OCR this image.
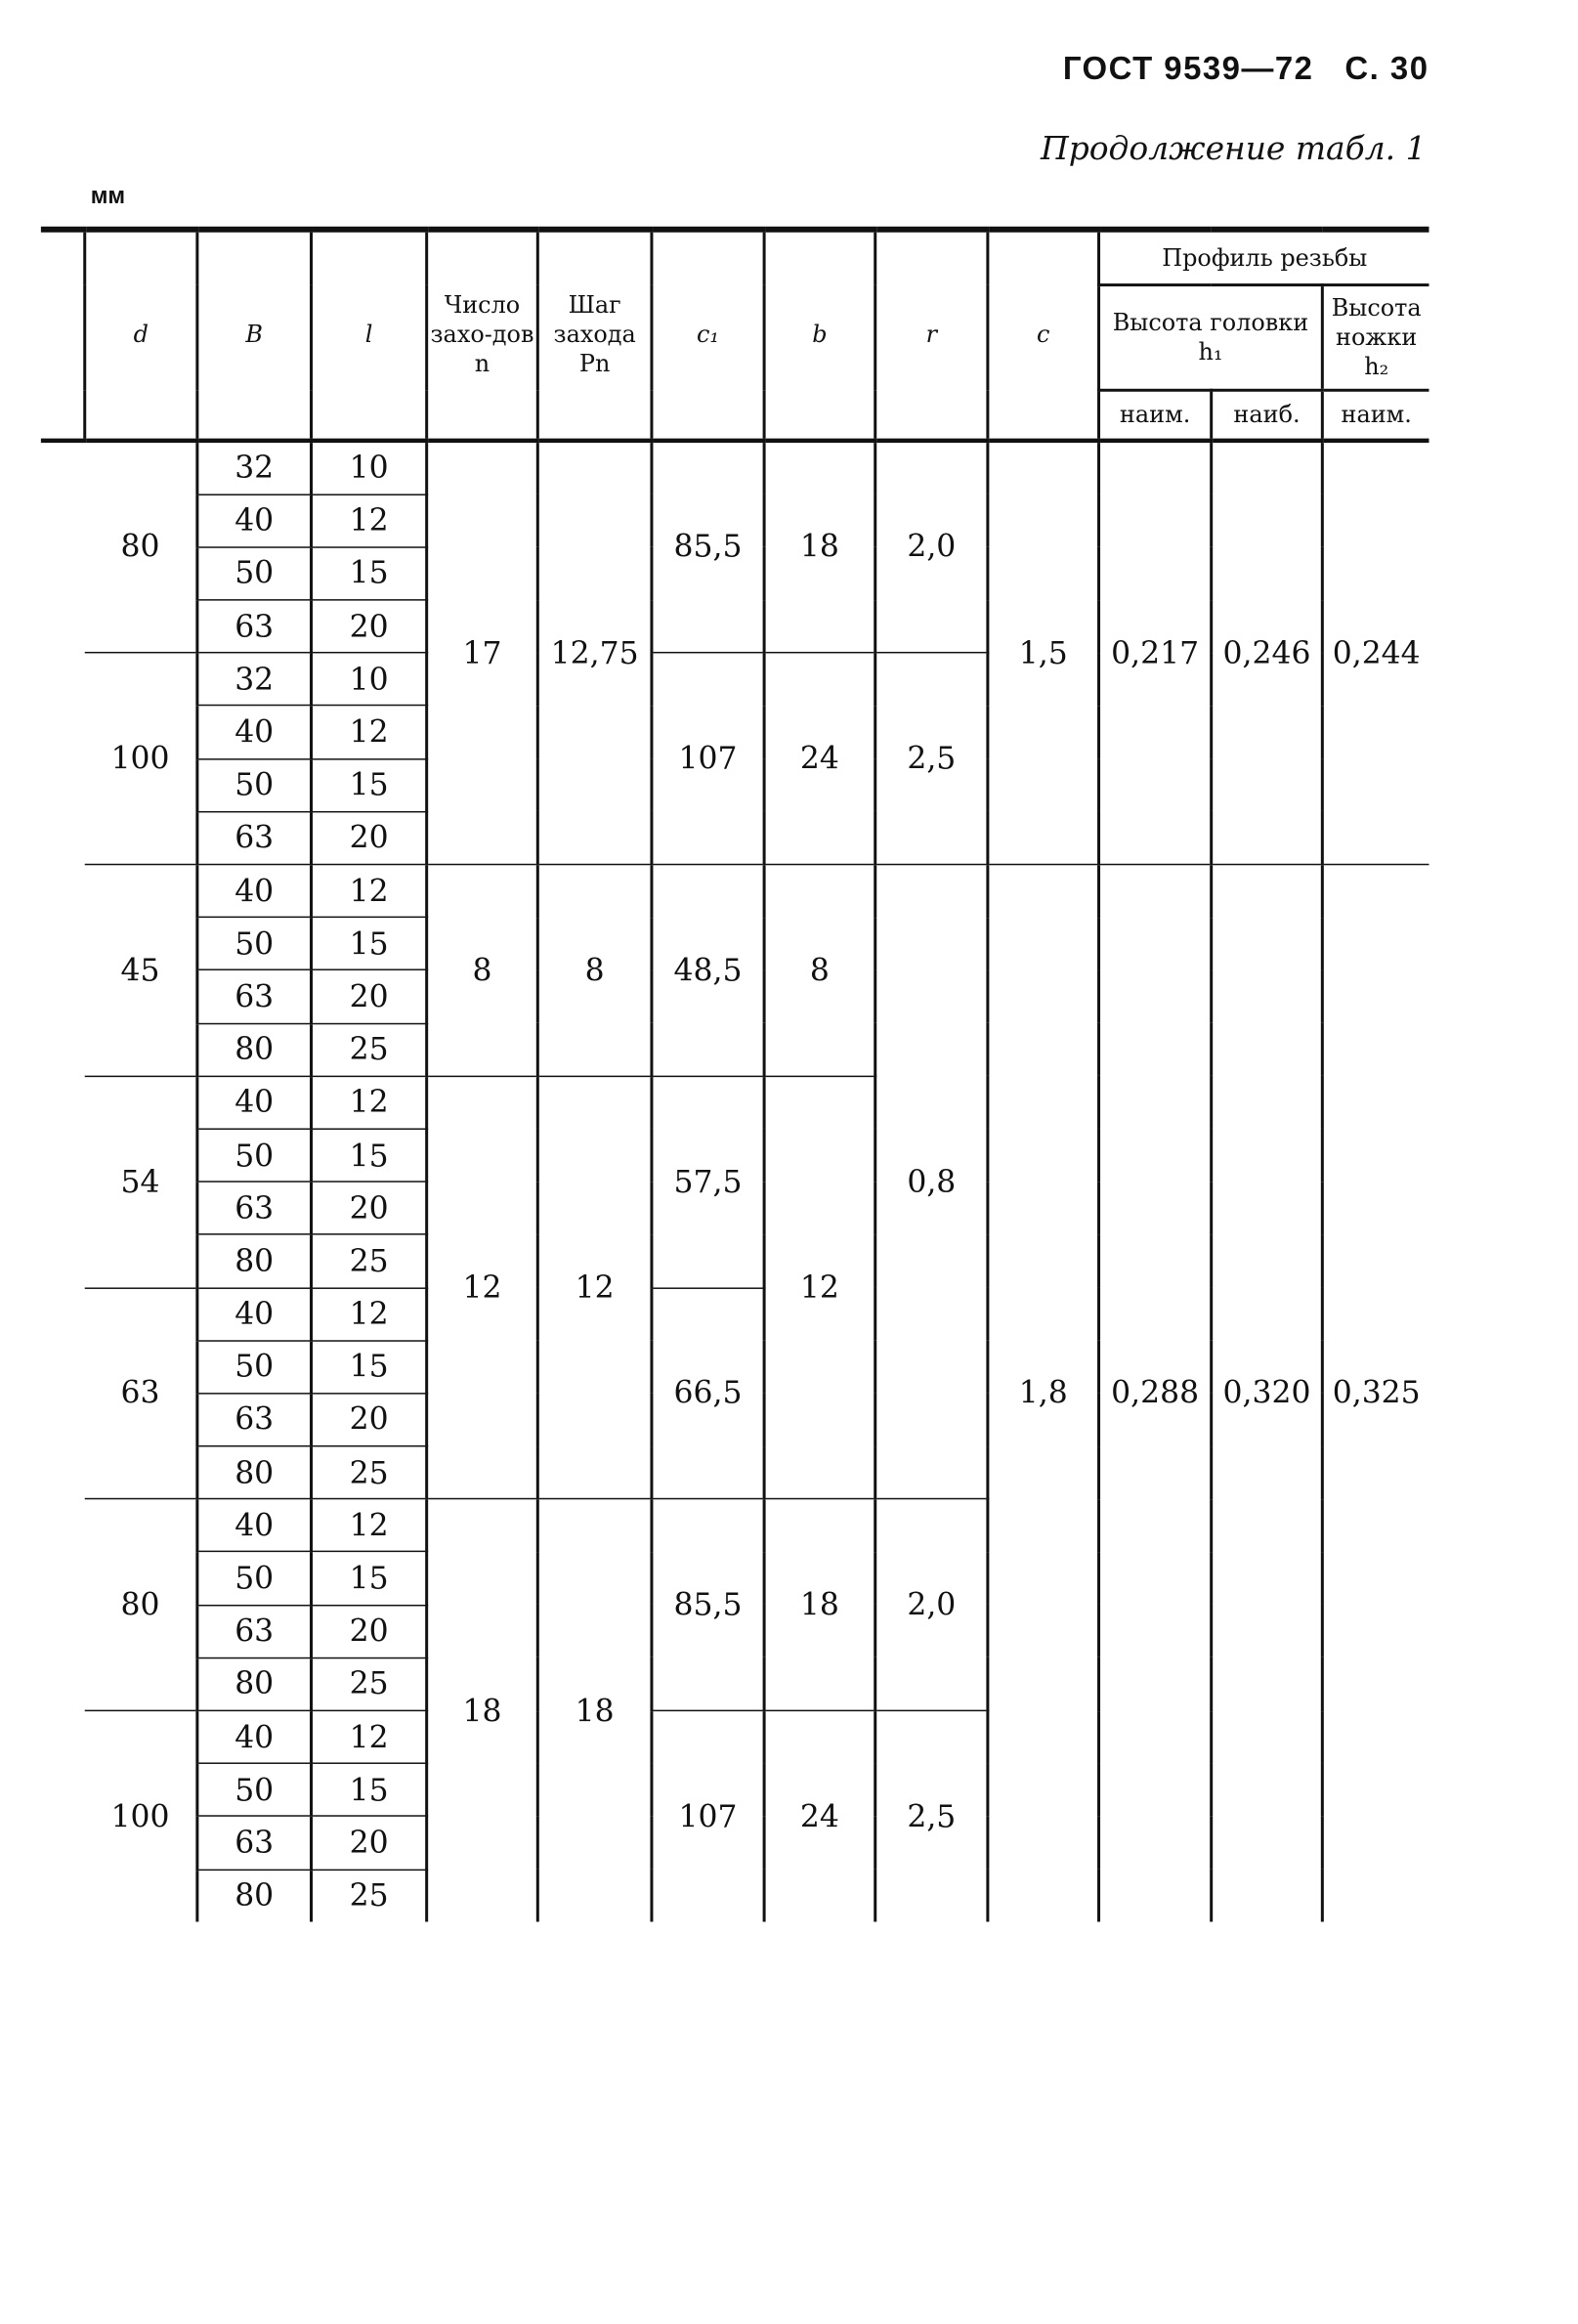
ГОСТ 9539—72 С. 30
Продолжение табл. 1
мм
	d	B	l	Число захо-дов n	Шаг захода Pn	c₁	b	r	c	Профиль резьбы		
										Высота головки h₁		Высота ножки h₂
										наим.	наиб.	наим.
	80	32	10	17	12,75	85,5	18	2,0	1,5	0,217	0,246	0,244
		40	12									
		50	15									
		63	20									
	100	32	10			107	24	2,5				
		40	12									
		50	15									
		63	20									
	45	40	12	8	8	48,5	8	0,8	1,8	0,288	0,320	0,325
		50	15									
		63	20									
		80	25									
	54	40	12	12	12	57,5	12					
		50	15									
		63	20									
		80	25									
	63	40	12			66,5						
		50	15									
		63	20									
		80	25									
	80	40	12	18	18	85,5	18	2,0				
		50	15									
		63	20									
		80	25									
	100	40	12			107	24	2,5				
		50	15									
		63	20									
		80	25									
